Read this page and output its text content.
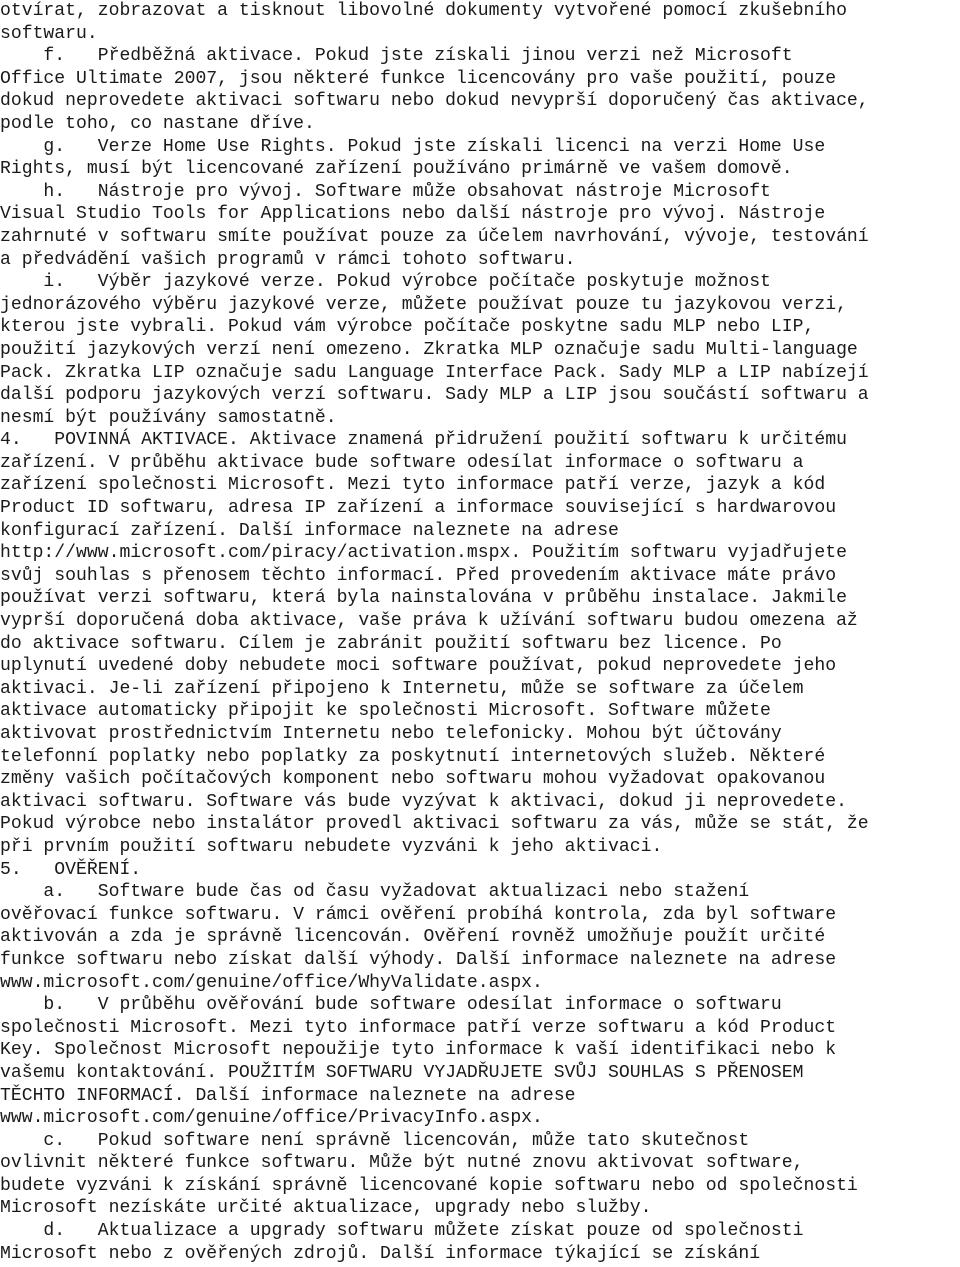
otvírat, zobrazovat a tisknout libovolné dokumenty vytvořené pomocí zkušebního
softwaru.
f.   Předběžná aktivace. Pokud jste získali jinou verzi než Microsoft
Office Ultimate 2007, jsou některé funkce licencovány pro vaše použití, pouze
dokud neprovedete aktivaci softwaru nebo dokud nevyprší doporučený čas aktivace,
podle toho, co nastane dříve.
g.   Verze Home Use Rights. Pokud jste získali licenci na verzi Home Use
Rights, musí být licencované zařízení používáno primárně ve vašem domově.
h.   Nástroje pro vývoj. Software může obsahovat nástroje Microsoft
Visual Studio Tools for Applications nebo další nástroje pro vývoj. Nástroje
zahrnuté v softwaru smíte používat pouze za účelem navrhování, vývoje, testování
a předvádění vašich programů v rámci tohoto softwaru.
i.   Výběr jazykové verze. Pokud výrobce počítače poskytuje možnost
jednorázového výběru jazykové verze, můžete používat pouze tu jazykovou verzi,
kterou jste vybrali. Pokud vám výrobce počítače poskytne sadu MLP nebo LIP,
použití jazykových verzí není omezeno. Zkratka MLP označuje sadu Multi-language
Pack. Zkratka LIP označuje sadu Language Interface Pack. Sady MLP a LIP nabízejí
další podporu jazykových verzí softwaru. Sady MLP a LIP jsou součástí softwaru a
nesmí být používány samostatně.
4.   POVINNÁ AKTIVACE. Aktivace znamená přidružení použití softwaru k určitému
zařízení. V průběhu aktivace bude software odesílat informace o softwaru a
zařízení společnosti Microsoft. Mezi tyto informace patří verze, jazyk a kód
Product ID softwaru, adresa IP zařízení a informace související s hardwarovou
konfigurací zařízení. Další informace naleznete na adrese
http://www.microsoft.com/piracy/activation.mspx. Použitím softwaru vyjadřujete
svůj souhlas s přenosem těchto informací. Před provedením aktivace máte právo
používat verzi softwaru, která byla nainstalována v průběhu instalace. Jakmile
vyprší doporučená doba aktivace, vaše práva k užívání softwaru budou omezena až
do aktivace softwaru. Cílem je zabránit použití softwaru bez licence. Po
uplynutí uvedené doby nebudete moci software používat, pokud neprovedete jeho
aktivaci. Je-li zařízení připojeno k Internetu, může se software za účelem
aktivace automaticky připojit ke společnosti Microsoft. Software můžete
aktivovat prostřednictvím Internetu nebo telefonicky. Mohou být účtovány
telefonní poplatky nebo poplatky za poskytnutí internetových služeb. Některé
změny vašich počítačových komponent nebo softwaru mohou vyžadovat opakovanou
aktivaci softwaru. Software vás bude vyzývat k aktivaci, dokud ji neprovedete.
Pokud výrobce nebo instalátor provedl aktivaci softwaru za vás, může se stát, že
při prvním použití softwaru nebudete vyzváni k jeho aktivaci.
5.   OVĚŘENÍ.
a.   Software bude čas od času vyžadovat aktualizaci nebo stažení
ověřovací funkce softwaru. V rámci ověření probíhá kontrola, zda byl software
aktivován a zda je správně licencován. Ověření rovněž umožňuje použít určité
funkce softwaru nebo získat další výhody. Další informace naleznete na adrese
www.microsoft.com/genuine/office/WhyValidate.aspx.
b.   V průběhu ověřování bude software odesílat informace o softwaru
společnosti Microsoft. Mezi tyto informace patří verze softwaru a kód Product
Key. Společnost Microsoft nepoužije tyto informace k vaší identifikaci nebo k
vašemu kontaktování. POUŽITÍM SOFTWARU VYJADŘUJETE SVŮJ SOUHLAS S PŘENOSEM
TĚCHTO INFORMACÍ. Další informace naleznete na adrese
www.microsoft.com/genuine/office/PrivacyInfo.aspx.
c.   Pokud software není správně licencován, může tato skutečnost
ovlivnit některé funkce softwaru. Může být nutné znovu aktivovat software,
budete vyzváni k získání správně licencované kopie softwaru nebo od společnosti
Microsoft nezískáte určité aktualizace, upgrady nebo služby.
d.   Aktualizace a upgrady softwaru můžete získat pouze od společnosti
Microsoft nebo z ověřených zdrojů. Další informace týkající se získání
